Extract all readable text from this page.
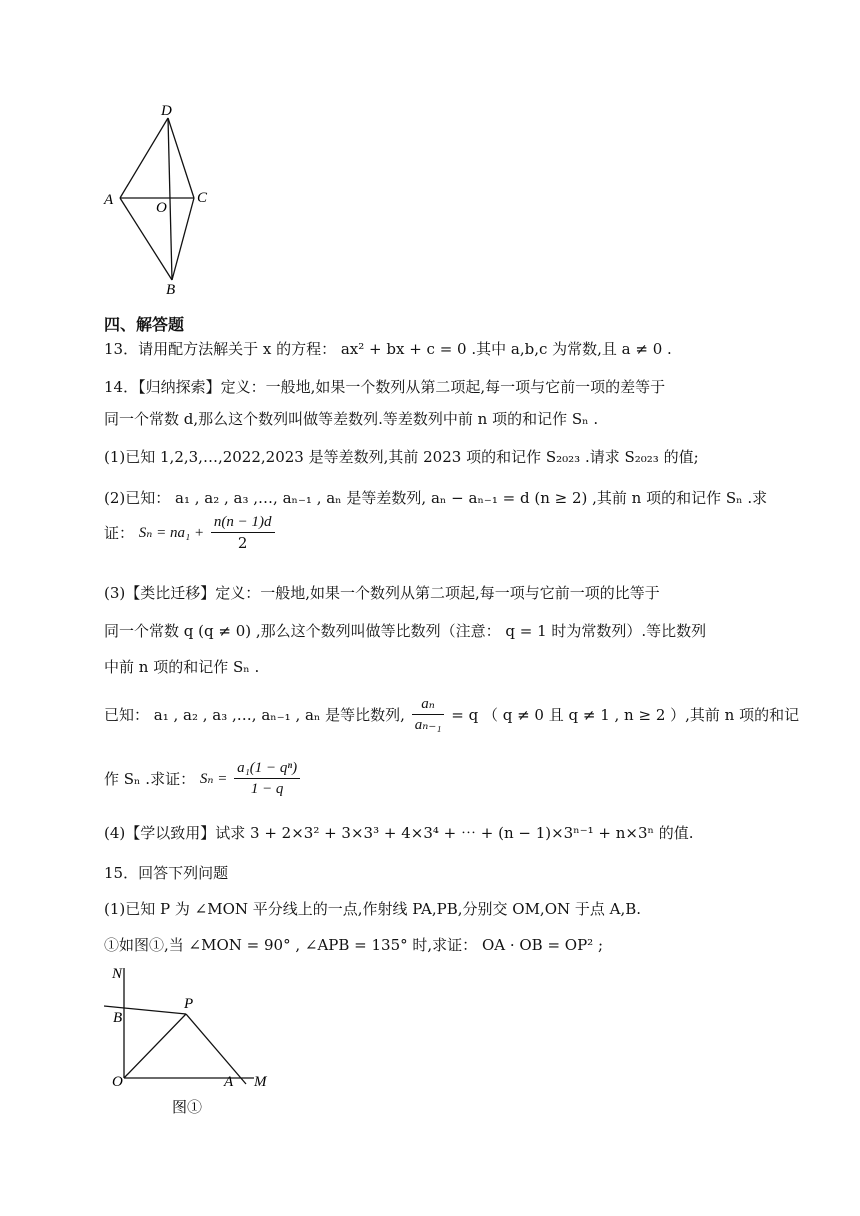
D
A	O
C
B
四、解答题
13．请用配方法解关于 x 的方程： ax² + bx + c = 0 .其中 a,b,c 为常数,且 a ≠ 0 .
14．【归纳探索】定义：一般地,如果一个数列从第二项起,每一项与它前一项的差等于
同一个常数 d,那么这个数列叫做等差数列.等差数列中前 n 项的和记作 Sₙ .
(1)已知 1,2,3,…,2022,2023 是等差数列,其前 2023 项的和记作 S₂₀₂₃ .请求 S₂₀₂₃ 的值;
(2)已知： a₁ , a₂ , a₃ ,…, aₙ₋₁ , aₙ 是等差数列, aₙ − aₙ₋₁ = d (n ≥ 2) ,其前 n 项的和记作 Sₙ .求
证： $S_n = na_1 + \frac{n(n - 1)d}{2}$
(3)【类比迁移】定义：一般地,如果一个数列从第二项起,每一项与它前一项的比等于
同一个常数 q (q ≠ 0) ,那么这个数列叫做等比数列（注意： q = 1 时为常数列）.等比数列
中前 n 项的和记作 Sₙ .
已知： a₁ , a₂ , a₃ ,…, aₙ₋₁ , aₙ 是等比数列, $\frac{\text{aₙ}}{\text{aₙ₋₁}} = q$ （ q ≠ 0 且 q ≠ 1 , n ≥ 2 ）,其前 n 项的和记
作 Sₙ .求证： $S_n = \frac{\text{a₁(1 − qⁿ)}}{1 - q}$
(4)【学以致用】试求 3 + 2×3² + 3×3³ + 4×3⁴ + ⋯ + (n − 1)×3ⁿ⁻¹ + n×3ⁿ 的值.
15．回答下列问题
(1)已知 P 为 ∠MON 平分线上的一点,作射线 PA,PB,分别交 OM,ON 于点 A,B.
①如图①,当 ∠MON = 90° , ∠APB = 135° 时,求证： OA · OB = OP² ;
N
P
B
O	A M
图①
